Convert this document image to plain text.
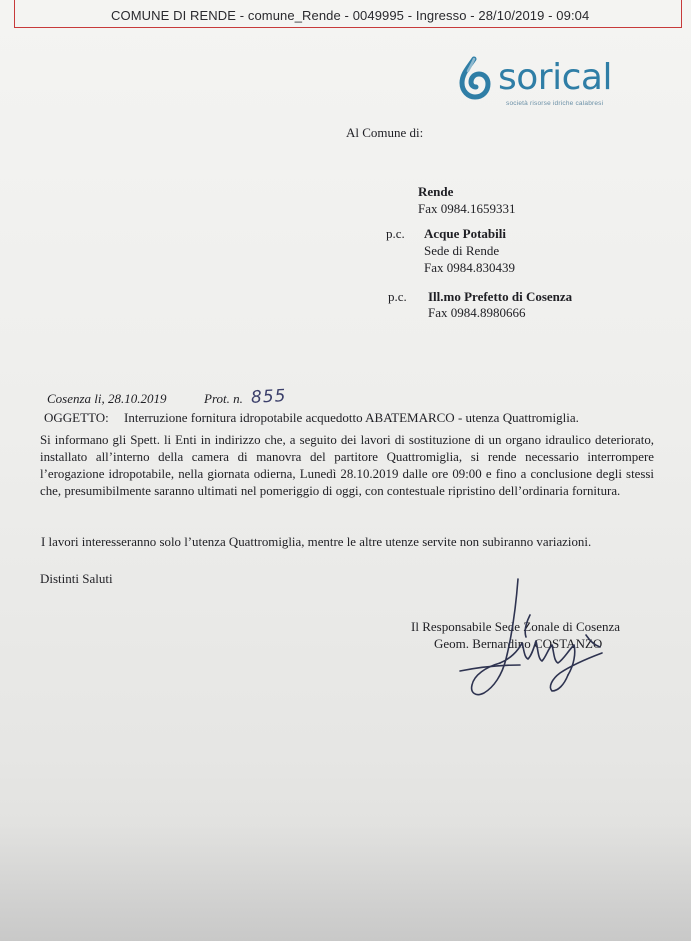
COMUNE DI RENDE - comune_Rende - 0049995 - Ingresso - 28/10/2019 - 09:04
sorical
società risorse idriche calabresi
Al Comune di:
Rende
Fax 0984.1659331
p.c. Acque Potabili
Sede di Rende
Fax 0984.830439
p.c. Ill.mo Prefetto di Cosenza
Fax 0984.8980666
Cosenza li, 28.10.2019	Prot. n. 855
OGGETTO: Interruzione fornitura idropotabile acquedotto ABATEMARCO - utenza Quattromiglia.
Si informano gli Spett. li Enti in indirizzo che, a seguito dei lavori di sostituzione di un organo idraulico deteriorato, installato all’interno della camera di manovra del partitore Quattromiglia, si rende necessario interrompere l’erogazione idropotabile, nella giornata odierna, Lunedì 28.10.2019 dalle ore 09:00 e fino a conclusione degli stessi che, presumibilmente saranno ultimati nel pomeriggio di oggi, con contestuale ripristino dell’ordinaria fornitura.
I lavori interesseranno solo l’utenza Quattromiglia, mentre le altre utenze servite non subiranno variazioni.
Distinti Saluti
Il Responsabile Sede Zonale di Cosenza
Geom. Bernardino COSTANZO
